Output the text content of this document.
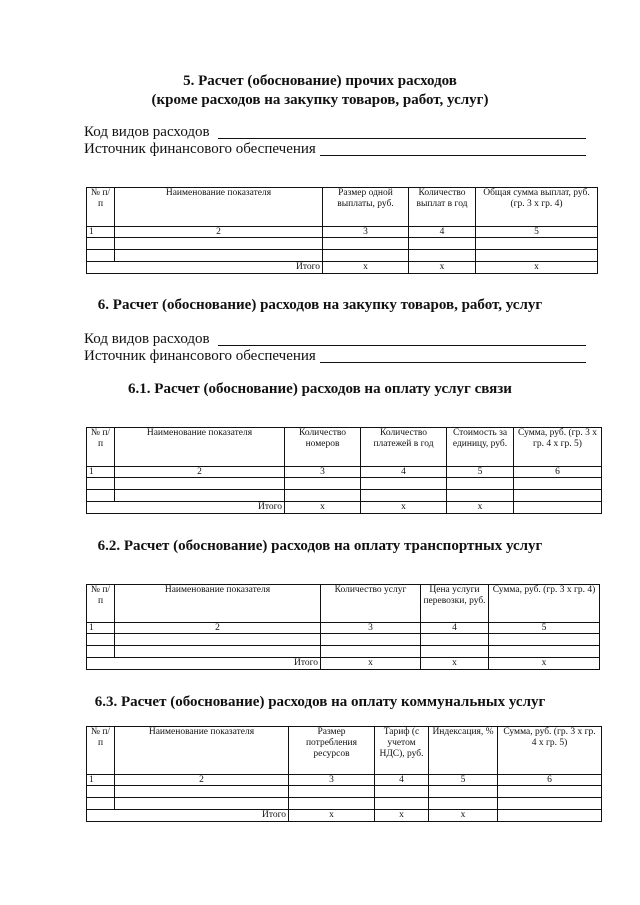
5. Расчет (обоснование) прочих расходов
(кроме расходов на закупку товаров, работ, услуг)
Код видов расходов
Источник финансового обеспечения
№ п/п	Наименование показателя	Размер одной выплаты, руб.	Количество выплат в год	Общая сумма выплат, руб. (гр. 3 х гр. 4)
1	2	3	4	5

Итого		х	х	х
6. Расчет (обоснование) расходов на закупку товаров, работ, услуг
Код видов расходов
Источник финансового обеспечения
6.1. Расчет (обоснование) расходов на оплату услуг связи
№ п/п	Наименование показателя	Количество номеров	Количество платежей в год	Стоимость за единицу, руб.	Сумма, руб. (гр. 3 х гр. 4 х гр. 5)
1	2	3	4	5	6

Итого		х	х	х	
6.2. Расчет (обоснование) расходов на оплату транспортных услуг
№ п/п	Наименование показателя	Количество услуг	Цена услуги перевозки, руб.	Сумма, руб. (гр. 3 х гр. 4)
1	2	3	4	5

Итого		х	х	х
6.3. Расчет (обоснование) расходов на оплату коммунальных услуг
№ п/п	Наименование показателя	Размер потребления ресурсов	Тариф (с учетом НДС), руб.	Индексация, %	Сумма, руб. (гр. 3 х гр. 4 х гр. 5)
1	2	3	4	5	6

Итого		х	х	х	
